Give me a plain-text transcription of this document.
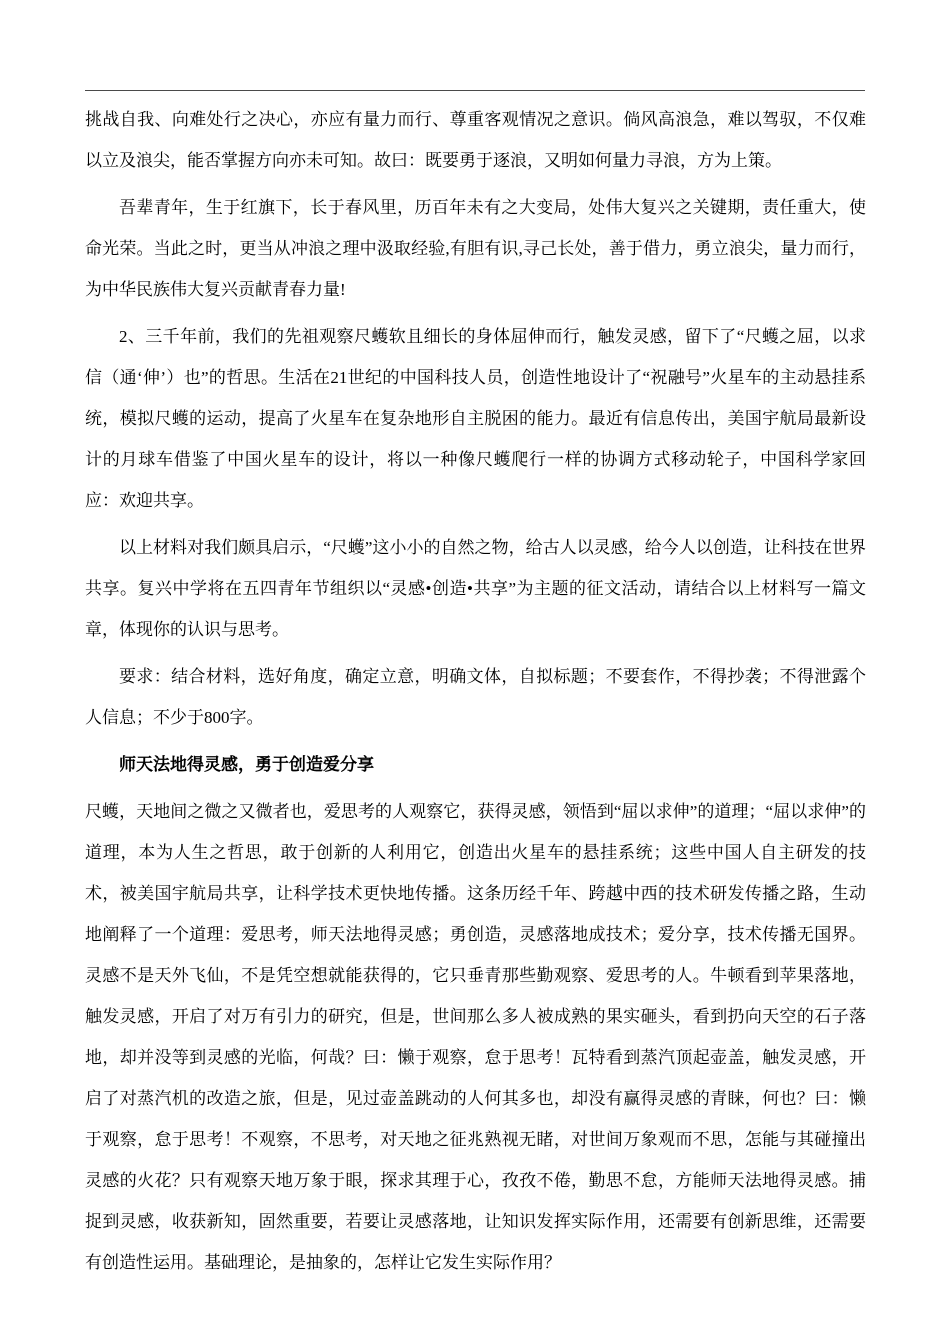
挑战自我、向难处行之决心，亦应有量力而行、尊重客观情况之意识。倘风高浪急，难以驾驭，不仅难以立及浪尖，能否掌握方向亦未可知。故曰：既要勇于逐浪，又明如何量力寻浪，方为上策。

吾辈青年，生于红旗下，长于春风里，历百年未有之大变局，处伟大复兴之关键期，责任重大，使命光荣。当此之时，更当从冲浪之理中汲取经验,有胆有识,寻己长处，善于借力，勇立浪尖，量力而行，为中华民族伟大复兴贡献青春力量!

2、三千年前，我们的先祖观察尺蠖软且细长的身体屈伸而行，触发灵感，留下了“尺蠖之屈，以求信（通‘伸’）也”的哲思。生活在21世纪的中国科技人员，创造性地设计了“祝融号”火星车的主动悬挂系统，模拟尺蠖的运动，提高了火星车在复杂地形自主脱困的能力。最近有信息传出，美国宇航局最新设计的月球车借鉴了中国火星车的设计，将以一种像尺蠖爬行一样的协调方式移动轮子，中国科学家回应：欢迎共享。

以上材料对我们颇具启示，“尺蠖”这小小的自然之物，给古人以灵感，给今人以创造，让科技在世界共享。复兴中学将在五四青年节组织以“灵感•创造•共享”为主题的征文活动，请结合以上材料写一篇文章，体现你的认识与思考。

要求：结合材料，选好角度，确定立意，明确文体，自拟标题；不要套作，不得抄袭；不得泄露个人信息；不少于800字。

师天法地得灵感，勇于创造爱分享

尺蠖，天地间之微之又微者也，爱思考的人观察它，获得灵感，领悟到“屈以求伸”的道理；“屈以求伸”的道理，本为人生之哲思，敢于创新的人利用它，创造出火星车的悬挂系统；这些中国人自主研发的技术，被美国宇航局共享，让科学技术更快地传播。这条历经千年、跨越中西的技术研发传播之路，生动地阐释了一个道理：爱思考，师天法地得灵感；勇创造，灵感落地成技术；爱分享，技术传播无国界。灵感不是天外飞仙，不是凭空想就能获得的，它只垂青那些勤观察、爱思考的人。牛顿看到苹果落地，触发灵感，开启了对万有引力的研究，但是，世间那么多人被成熟的果实砸头，看到扔向天空的石子落地，却并没等到灵感的光临，何哉？曰：懒于观察，怠于思考！瓦特看到蒸汽顶起壶盖，触发灵感，开启了对蒸汽机的改造之旅，但是，见过壶盖跳动的人何其多也，却没有赢得灵感的青睐，何也？曰：懒于观察，怠于思考！不观察，不思考，对天地之征兆熟视无睹，对世间万象观而不思，怎能与其碰撞出灵感的火花？只有观察天地万象于眼，探求其理于心，孜孜不倦，勤思不怠，方能师天法地得灵感。捕捉到灵感，收获新知，固然重要，若要让灵感落地，让知识发挥实际作用，还需要有创新思维，还需要有创造性运用。基础理论，是抽象的，怎样让它发生实际作用？
